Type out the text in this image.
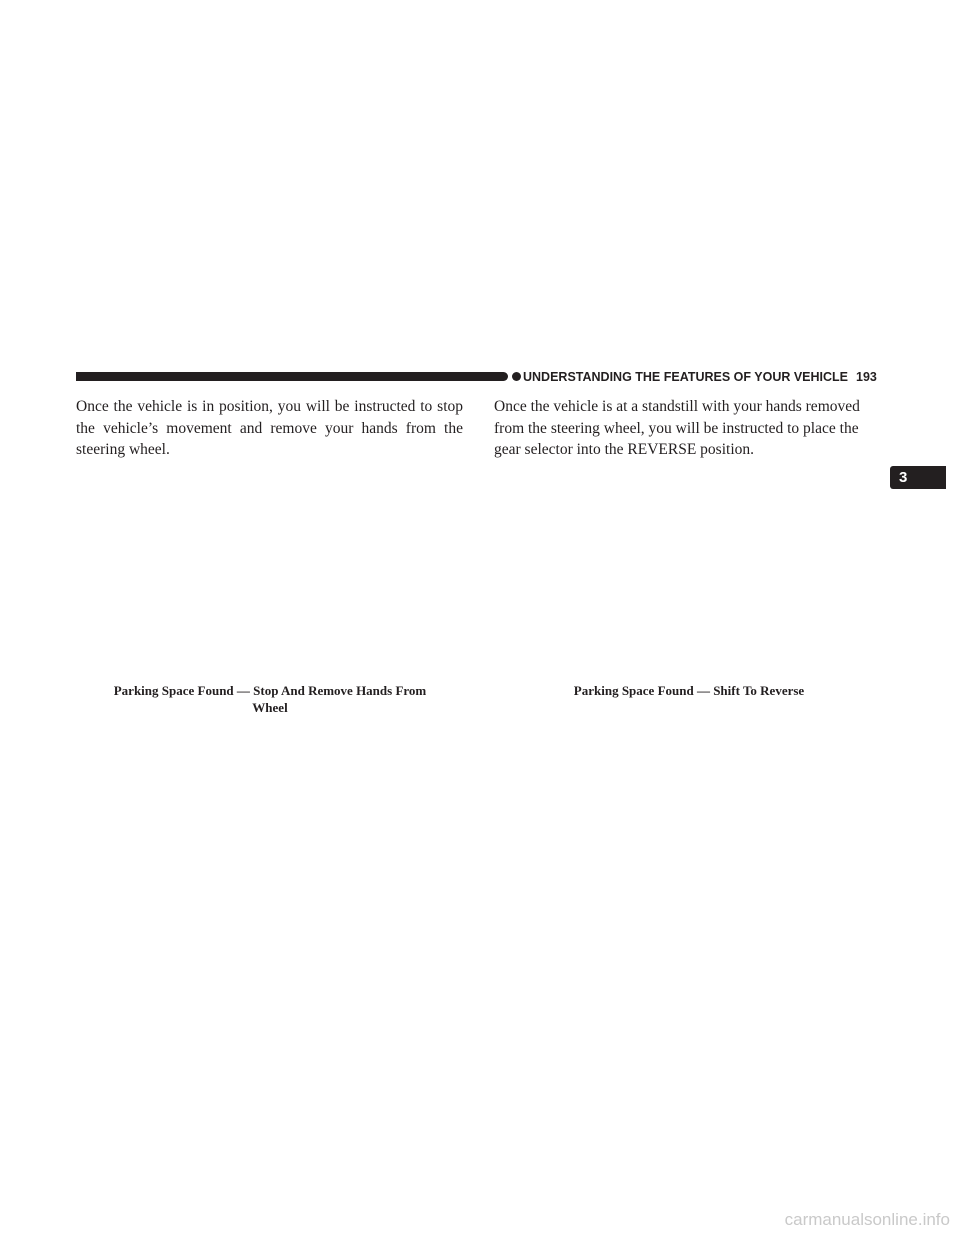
UNDERSTANDING THE FEATURES OF YOUR VEHICLE 193

Once the vehicle is in position, you will be instructed to stop the vehicle’s movement and remove your hands from the steering wheel.

Once the vehicle is at a standstill with your hands removed from the steering wheel, you will be instructed to place the gear selector into the REVERSE position.

Parking Space Found — Stop And Remove Hands From
Wheel
Parking Space Found — Shift To Reverse
3
carmanualsonline.info
